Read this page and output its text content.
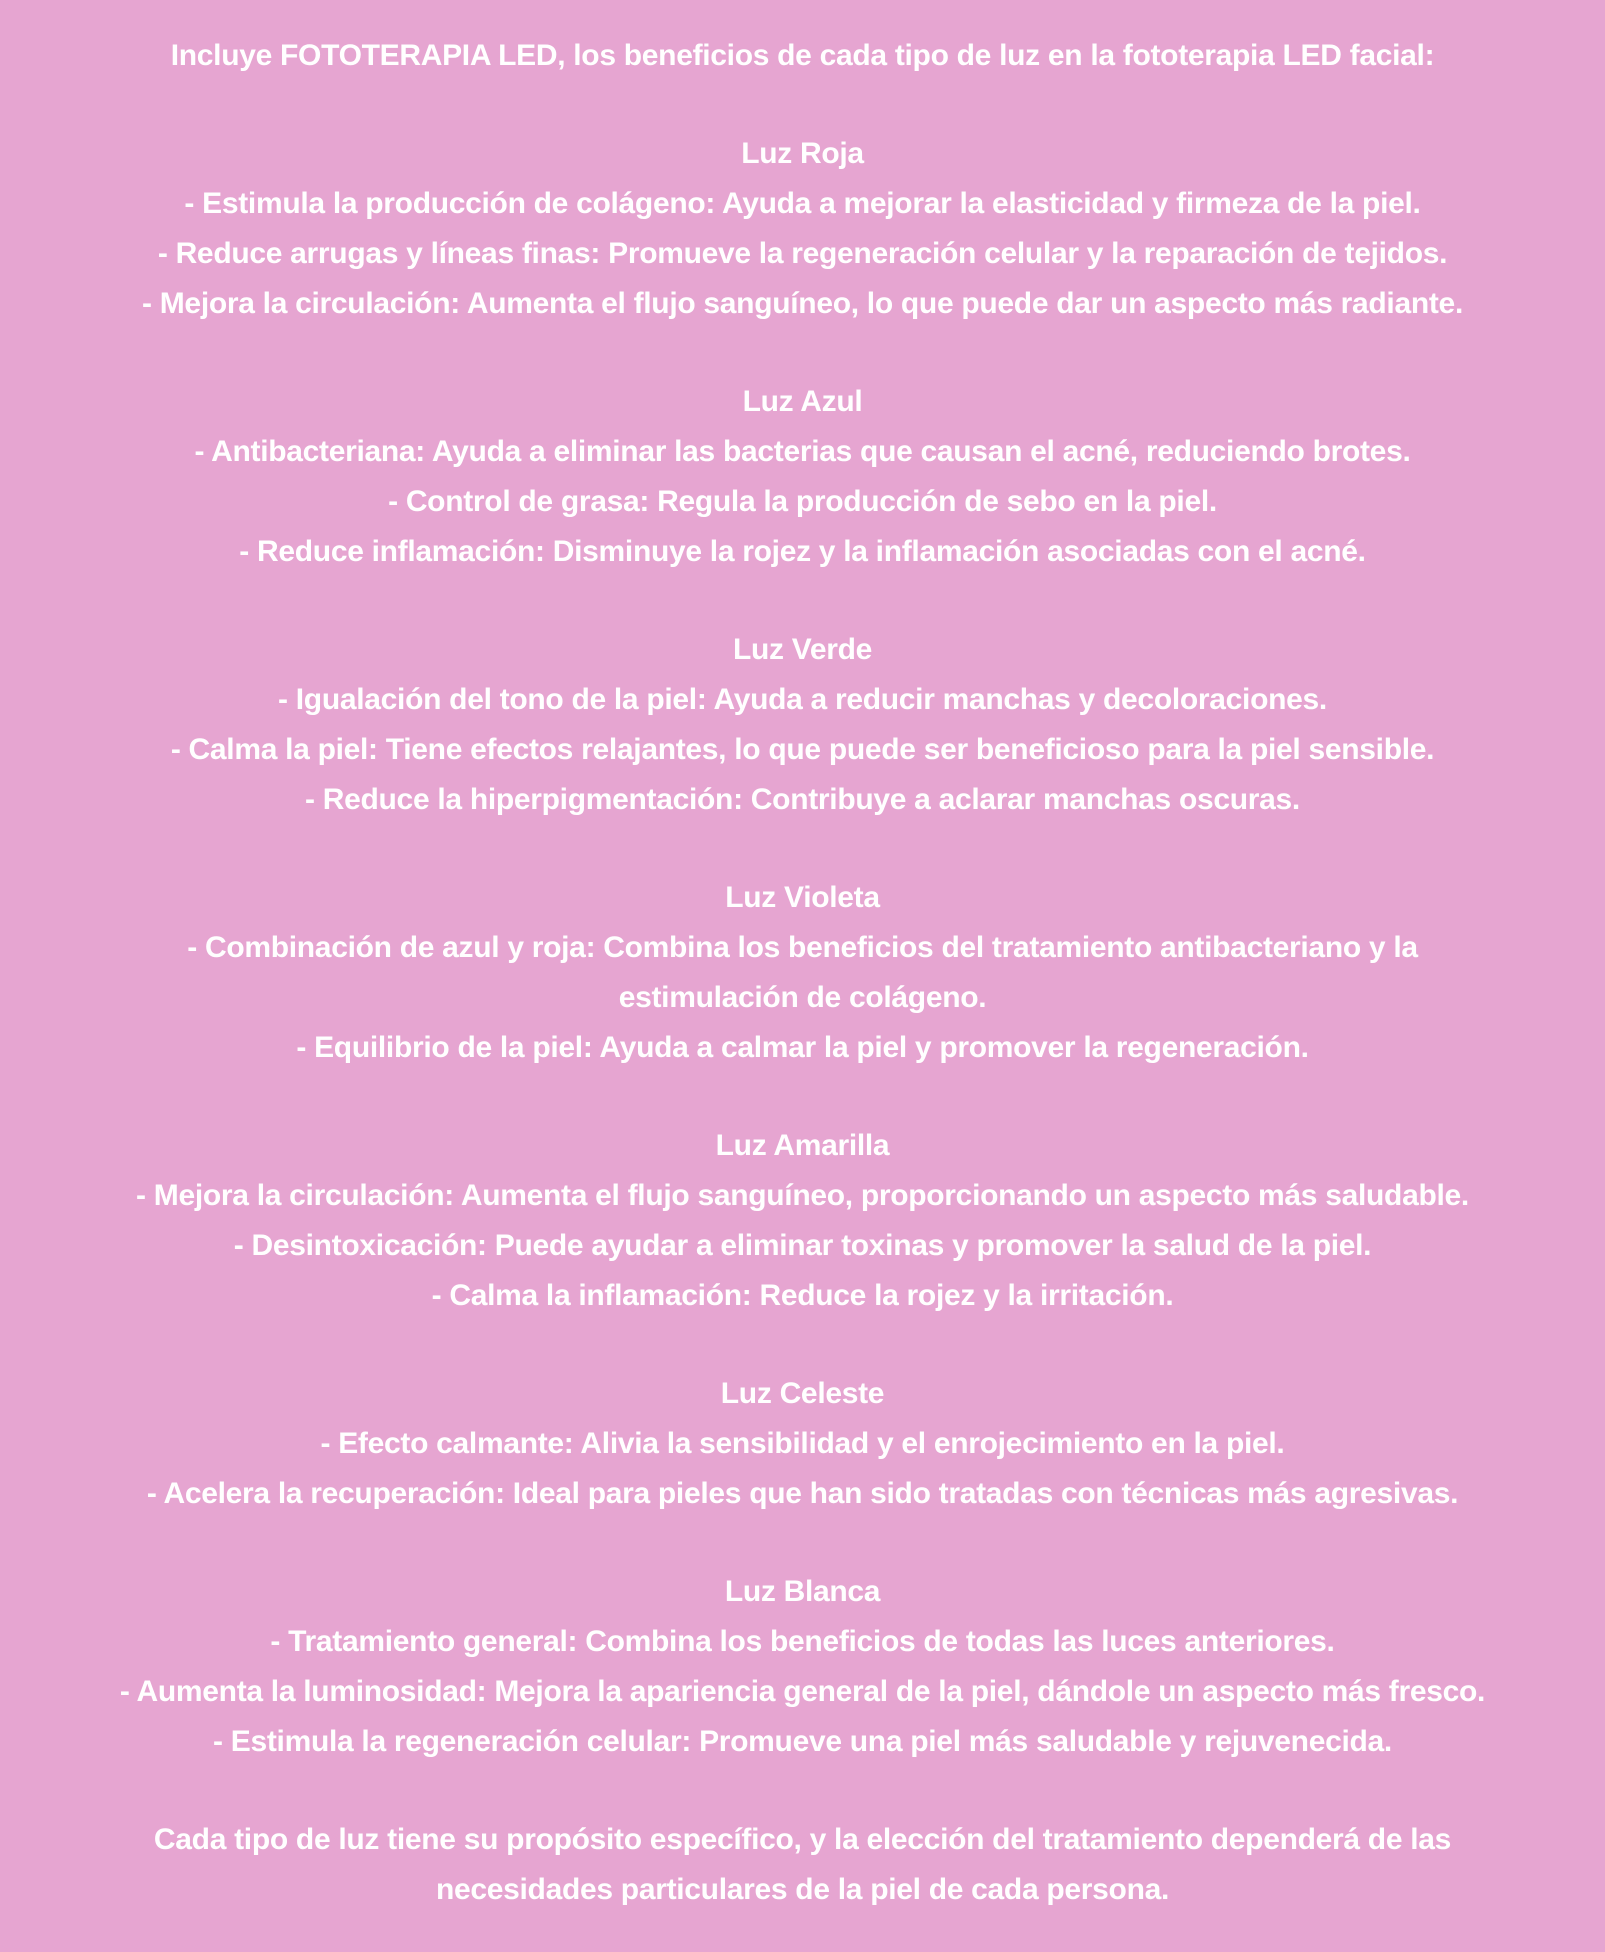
Incluye FOTOTERAPIA LED, los beneficios de cada tipo de luz en la fototerapia LED facial:
Luz Roja
- Estimula la producción de colágeno: Ayuda a mejorar la elasticidad y firmeza de la piel.
- Reduce arrugas y líneas finas: Promueve la regeneración celular y la reparación de tejidos.
- Mejora la circulación: Aumenta el flujo sanguíneo, lo que puede dar un aspecto más radiante.
Luz Azul
- Antibacteriana: Ayuda a eliminar las bacterias que causan el acné, reduciendo brotes.
- Control de grasa: Regula la producción de sebo en la piel.
- Reduce inflamación: Disminuye la rojez y la inflamación asociadas con el acné.
Luz Verde
- Igualación del tono de la piel: Ayuda a reducir manchas y decoloraciones.
- Calma la piel: Tiene efectos relajantes, lo que puede ser beneficioso para la piel sensible.
- Reduce la hiperpigmentación: Contribuye a aclarar manchas oscuras.
Luz Violeta
- Combinación de azul y roja: Combina los beneficios del tratamiento antibacteriano y la
estimulación de colágeno.
- Equilibrio de la piel: Ayuda a calmar la piel y promover la regeneración.
Luz Amarilla
- Mejora la circulación: Aumenta el flujo sanguíneo, proporcionando un aspecto más saludable.
- Desintoxicación: Puede ayudar a eliminar toxinas y promover la salud de la piel.
- Calma la inflamación: Reduce la rojez y la irritación.
Luz Celeste
- Efecto calmante: Alivia la sensibilidad y el enrojecimiento en la piel.
- Acelera la recuperación: Ideal para pieles que han sido tratadas con técnicas más agresivas.
Luz Blanca
- Tratamiento general: Combina los beneficios de todas las luces anteriores.
- Aumenta la luminosidad: Mejora la apariencia general de la piel, dándole un aspecto más fresco.
- Estimula la regeneración celular: Promueve una piel más saludable y rejuvenecida.
Cada tipo de luz tiene su propósito específico, y la elección del tratamiento dependerá de las
necesidades particulares de la piel de cada persona.
